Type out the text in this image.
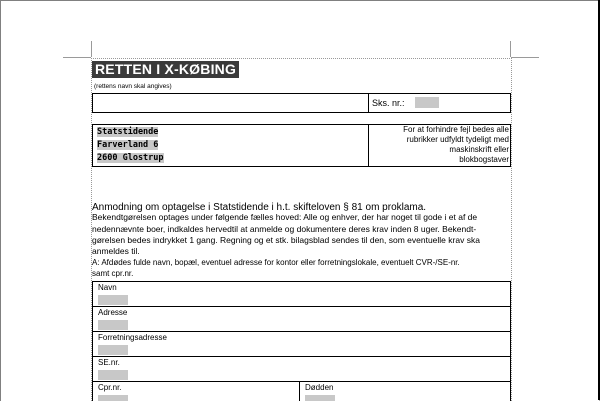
RETTEN I X-KØBING
(rettens navn skal angives)
Sks. nr.:
Statstidende
Farverland 6
2600 Glostrup
For at forhindre fejl bedes alle
rubrikker udfyldt tydeligt med
maskinskrift eller
blokbogstaver
Anmodning om optagelse i Statstidende i h.t. skifteloven § 81 om proklama.
Bekendtgørelsen optages under følgende fælles hoved: Alle og enhver, der har noget til gode i et af de
nedennævnte boer, indkaldes hervedtil at anmelde og dokumentere deres krav inden 8 uger. Bekendt-
gørelsen bedes indrykket 1 gang. Regning og et stk. bilagsblad sendes til den, som eventuelle krav ska
anmeldes til.
A: Afdødes fulde navn, bopæl, eventuel adresse for kontor eller forretningslokale, eventuelt CVR-/SE-nr.
samt cpr.nr.
Navn
Adresse
Forretningsadresse
SE.nr.
Cpr.nr.	Dødden
